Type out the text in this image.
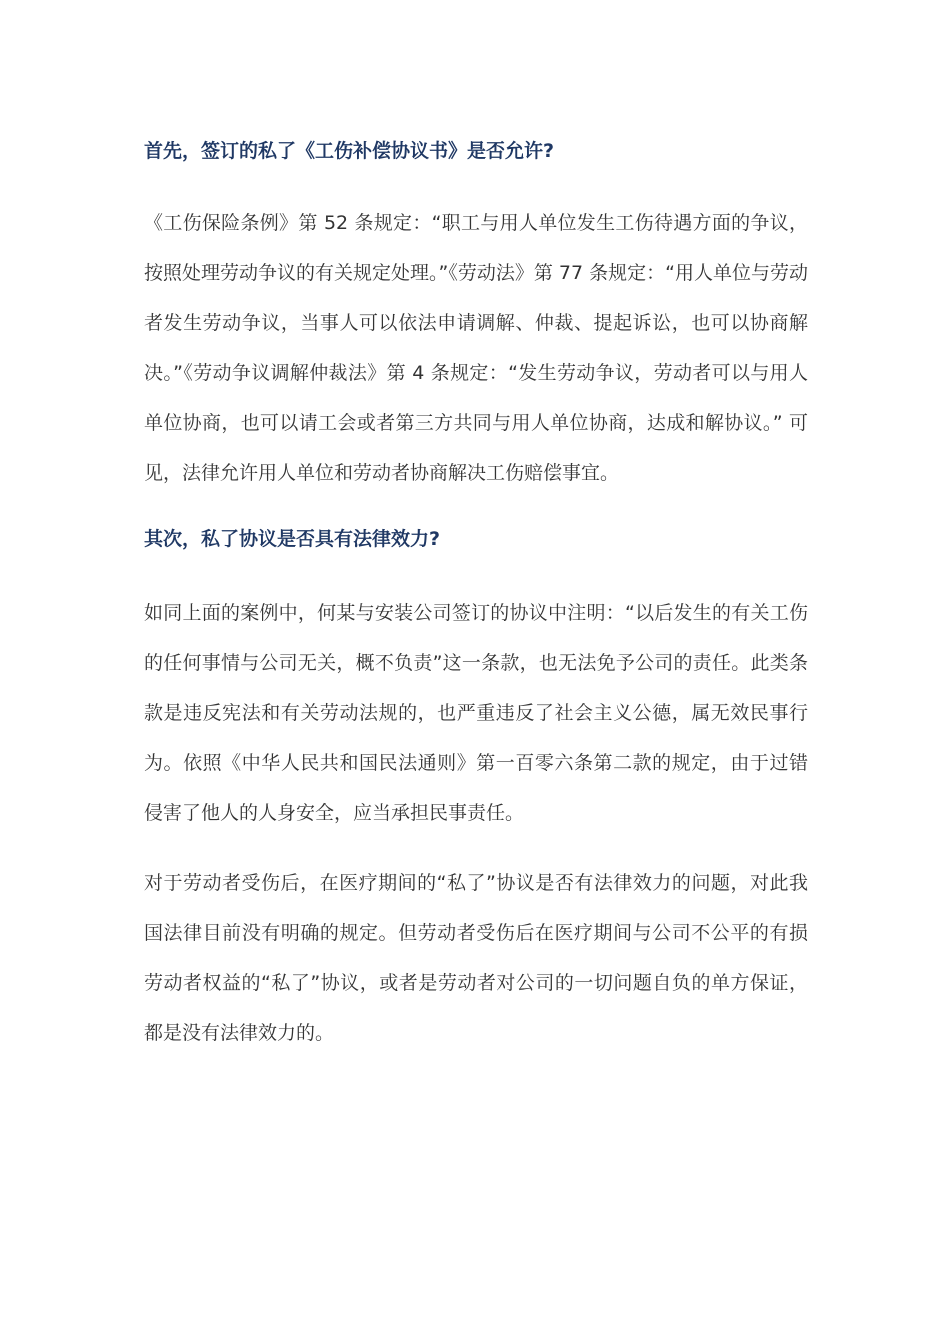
首先，签订的私了《工伤补偿协议书》是否允许?

《工伤保险条例》第 52 条规定：“职工与用人单位发生工伤待遇方面的争议，按照处理劳动争议的有关规定处理。”《劳动法》第 77 条规定：“用人单位与劳动者发生劳动争议，当事人可以依法申请调解、仲裁、提起诉讼，也可以协商解决。”《劳动争议调解仲裁法》第 4 条规定：“发生劳动争议，劳动者可以与用人单位协商，也可以请工会或者第三方共同与用人单位协商，达成和解协议。” 可见，法律允许用人单位和劳动者协商解决工伤赔偿事宜。

其次，私了协议是否具有法律效力?

如同上面的案例中，何某与安装公司签订的协议中注明：“以后发生的有关工伤的任何事情与公司无关，概不负责”这一条款，也无法免予公司的责任。此类条款是违反宪法和有关劳动法规的，也严重违反了社会主义公德，属无效民事行为。依照《中华人民共和国民法通则》第一百零六条第二款的规定，由于过错侵害了他人的人身安全，应当承担民事责任。

对于劳动者受伤后，在医疗期间的“私了”协议是否有法律效力的问题，对此我国法律目前没有明确的规定。但劳动者受伤后在医疗期间与公司不公平的有损劳动者权益的“私了”协议，或者是劳动者对公司的一切问题自负的单方保证，都是没有法律效力的。
